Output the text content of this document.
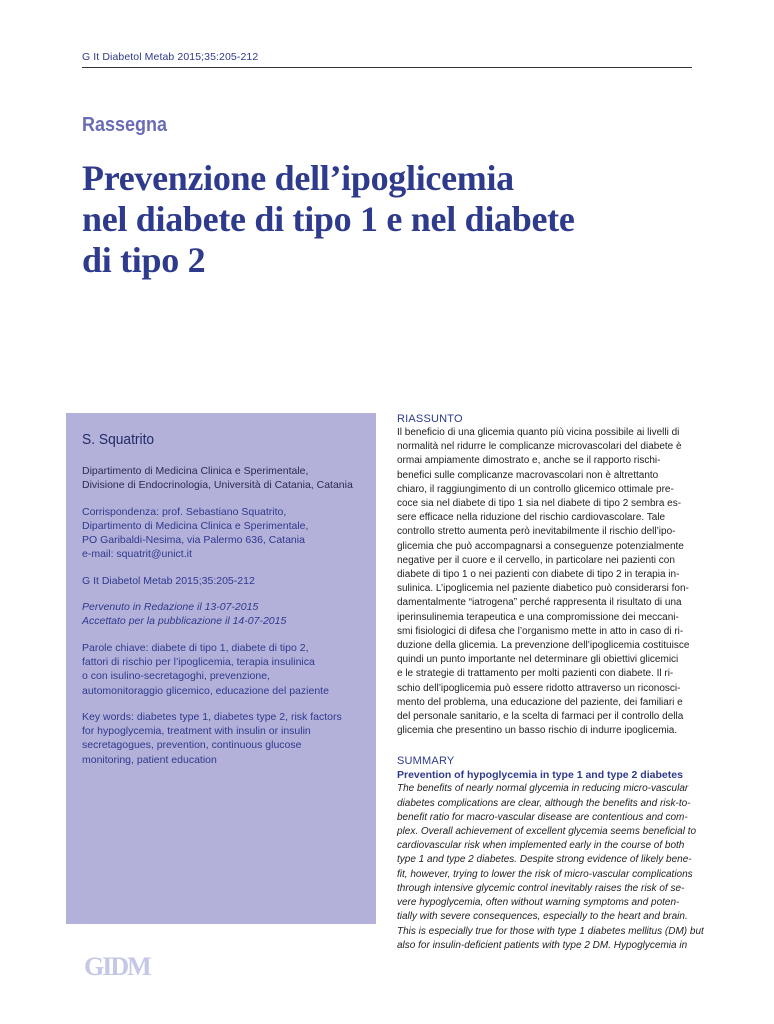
G It Diabetol Metab 2015;35:205-212
Rassegna
Prevenzione dell’ipoglicemia
nel diabete di tipo 1 e nel diabete
di tipo 2
S. Squatrito
Dipartimento di Medicina Clinica e Sperimentale,
Divisione di Endocrinologia, Università di Catania, Catania
Corrispondenza: prof. Sebastiano Squatrito,
Dipartimento di Medicina Clinica e Sperimentale,
PO Garibaldi-Nesima, via Palermo 636, Catania
e-mail: squatrit@unict.it
G It Diabetol Metab 2015;35:205-212
Pervenuto in Redazione il 13-07-2015
Accettato per la pubblicazione il 14-07-2015
Parole chiave: diabete di tipo 1, diabete di tipo 2,
fattori di rischio per l’ipoglicemia, terapia insulinica
o con isulino-secretagoghi, prevenzione,
automonitoraggio glicemico, educazione del paziente
Key words: diabetes type 1, diabetes type 2, risk factors
for hypoglycemia, treatment with insulin or insulin
secretagogues, prevention, continuous glucose
monitoring, patient education
RIASSUNTO
Il beneficio di una glicemia quanto più vicina possibile ai livelli di
normalità nel ridurre le complicanze microvascolari del diabete è
ormai ampiamente dimostrato e, anche se il rapporto rischi-
benefici sulle complicanze macrovascolari non è altrettanto
chiaro, il raggiungimento di un controllo glicemico ottimale pre-
coce sia nel diabete di tipo 1 sia nel diabete di tipo 2 sembra es-
sere efficace nella riduzione del rischio cardiovascolare. Tale
controllo stretto aumenta però inevitabilmente il rischio dell’ipo-
glicemia che può accompagnarsi a conseguenze potenzialmente
negative per il cuore e il cervello, in particolare nei pazienti con
diabete di tipo 1 o nei pazienti con diabete di tipo 2 in terapia in-
sulinica. L’ipoglicemia nel paziente diabetico può considerarsi fon-
damentalmente “iatrogena” perché rappresenta il risultato di una
iperinsulinemia terapeutica e una compromissione dei meccani-
smi fisiologici di difesa che l’organismo mette in atto in caso di ri-
duzione della glicemia. La prevenzione dell’ipoglicemia costituisce
quindi un punto importante nel determinare gli obiettivi glicemici
e le strategie di trattamento per molti pazienti con diabete. Il ri-
schio dell’ipoglicemia può essere ridotto attraverso un riconosci-
mento del problema, una educazione del paziente, dei familiari e
del personale sanitario, e la scelta di farmaci per il controllo della
glicemia che presentino un basso rischio di indurre ipoglicemia.
SUMMARY
Prevention of hypoglycemia in type 1 and type 2 diabetes
The benefits of nearly normal glycemia in reducing micro-vascular
diabetes complications are clear, although the benefits and risk-to-
benefit ratio for macro-vascular disease are contentious and com-
plex. Overall achievement of excellent glycemia seems beneficial to
cardiovascular risk when implemented early in the course of both
type 1 and type 2 diabetes. Despite strong evidence of likely bene-
fit, however, trying to lower the risk of micro-vascular complications
through intensive glycemic control inevitably raises the risk of se-
vere hypoglycemia, often without warning symptoms and poten-
tially with severe consequences, especially to the heart and brain.
This is especially true for those with type 1 diabetes mellitus (DM) but
also for insulin-deficient patients with type 2 DM. Hypoglycemia in
GIDM
